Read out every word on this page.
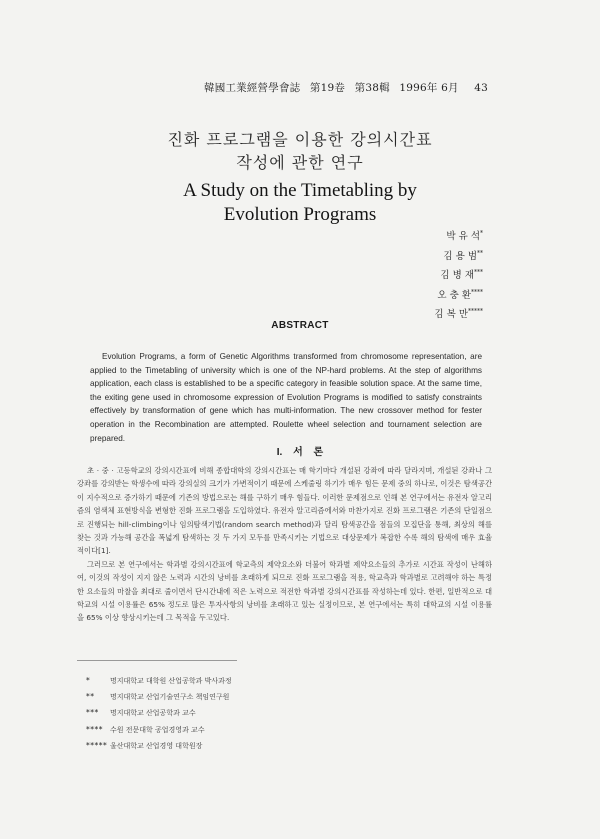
韓國工業經營學會誌 第19卷 第38輯 1996年 6月 43
진화 프로그램을 이용한 강의시간표
작성에 관한 연구
A Study on the Timetabling by
Evolution Programs
박 유 석*
김 용 범**
김 병 재***
오 충 환****
김 복 만*****
ABSTRACT

Evolution Programs, a form of Genetic Algorithms transformed from chromosome representation, are applied to the Timetabling of university which is one of the NP-hard problems. At the step of algorithms application, each class is established to be a specific category in feasible solution space. At the same time, the exiting gene used in chromosome expression of Evolution Programs is modified to satisfy constraints effectively by transformation of gene which has multi-information. The new crossover method for fester operation in the Recombination are attempted. Roulette wheel selection and tournament selection are prepared.

I. 서 론

초 · 중 · 고등학교의 강의시간표에 비해 종합대학의 강의시간표는 매 학기마다 개설된 강좌에 따라 달라지며, 개설된 강좌나 그 강좌를 강의받는 학생수에 따라 강의실의 크기가 가변적이기 때문에 스케줄링 하기가 매우 힘든 문제 중의 하나로, 이것은 탐색공간이 지수적으로 증가하기 때문에 기존의 방법으로는 해를 구하기 매우 힘들다. 이러한 문제점으로 인해 본 연구에서는 유전자 알고리즘의 염색체 표현방식을 변형한 진화 프로그램을 도입하였다. 유전자 알고리즘에서와 마찬가지로 진화 프로그램은 기존의 단일점으로 진행되는 hill-climbing이나 임의탐색기법(random search method)과 달리 탐색공간을 점들의 모집단을 통해, 최상의 해를 찾는 것과 가능해 공간을 폭넓게 탐색하는 것 두 가지 모두를 만족시키는 기법으로 대상문제가 복잡한 수록 해의 탐색에 매우 효율적이다[1].

그러므로 본 연구에서는 학과별 강의시간표에 학교측의 제약요소와 더불어 학과별 제약요소들의 추가로 시간표 작성이 난해하여, 이것의 작성이 지지 않은 노력과 시간의 낭비를 초래하게 되므로 진화 프로그램을 적용, 학교측과 학과별로 고려해야 하는 특정한 요소들의 마찰을 최대로 줄이면서 단시간내에 적은 노력으로 적전한 학과별 강의시간표를 작성하는데 있다. 한편, 일반적으로 대학교의 시설 이용률은 65% 정도로 많은 투자사항의 낭비를 초래하고 있는 실정이므로, 본 연구에서는 특히 대학교의 시설 이용률을 65% 이상 향상시키는데 그 목적을 두고있다.

*	명지대학교 대학원 산업공학과 박사과정
**	명지대학교 산업기술연구소 책임연구원
***	명지대학교 산업공학과 교수
****	수원 전문대학 공업경영과 교수
***** 울산대학교 산업경영 대학원장
